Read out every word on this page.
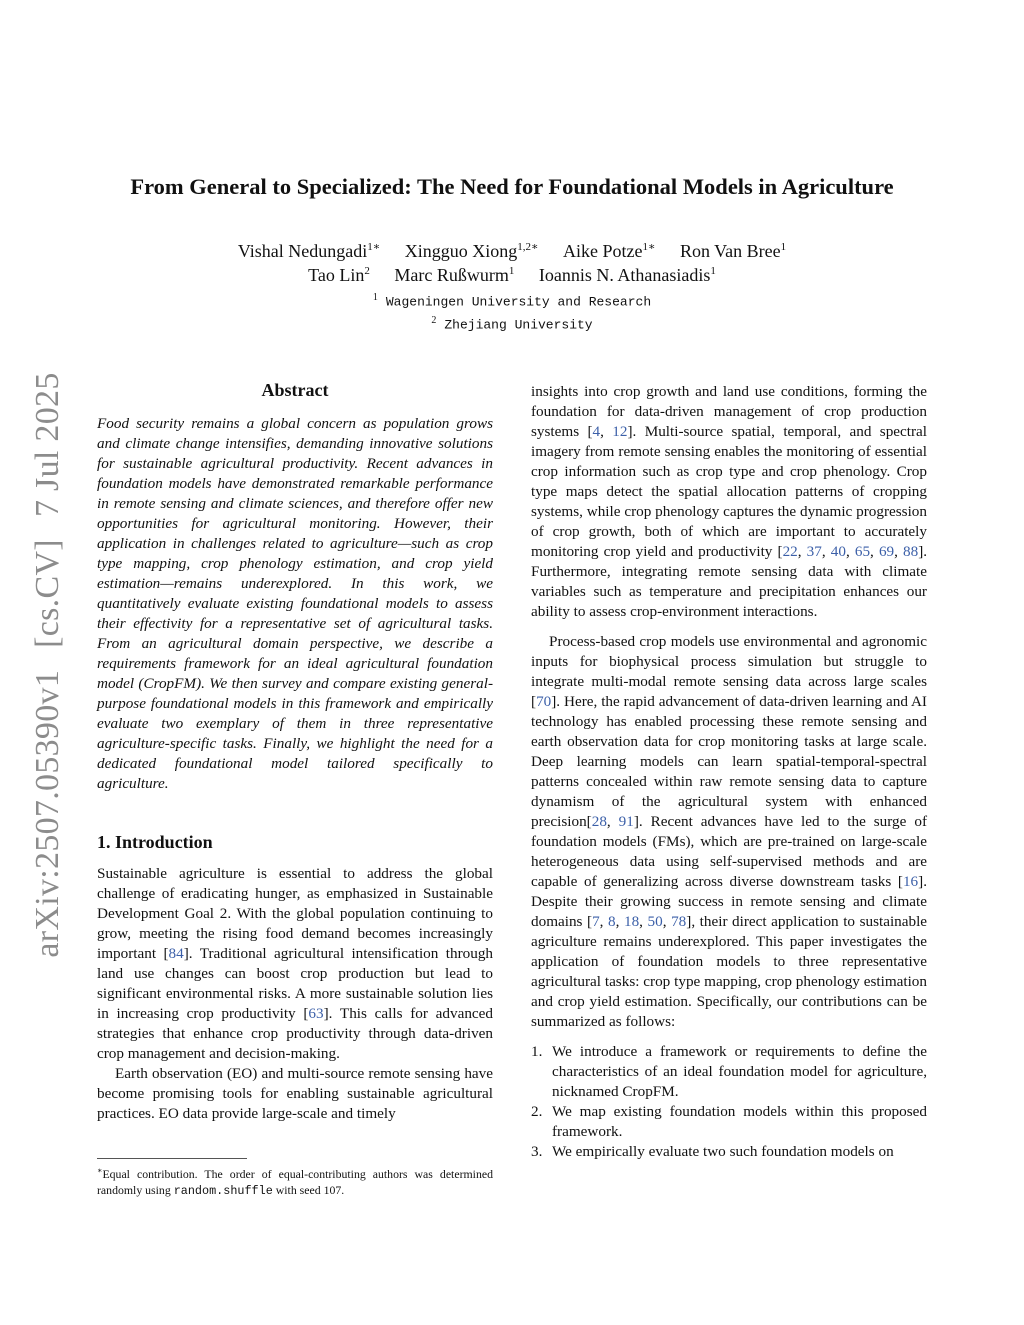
arXiv:2507.05390v1[cs.CV]7 Jul 2025
From General to Specialized: The Need for Foundational Models in Agriculture
Vishal Nedungadi$^{1∗}$ Xingguo Xiong$^{1,2∗}$ Aike Potze$^{1∗}$ Ron Van Bree$^1$
Tao Lin$^2$ Marc Rußwurm$^1$ Ioannis N. Athanasiadis$^1$
$^1$ Wageningen University and Research
$^2$ Zhejiang University
Abstract

Food security remains a global concern as population grows and climate change intensifies, demanding innovative solutions for sustainable agricultural productivity. Recent advances in foundation models have demonstrated remarkable performance in remote sensing and climate sciences, and therefore offer new opportunities for agricultural monitoring. However, their application in challenges related to agriculture—such as crop type mapping, crop phenology estimation, and crop yield estimation—remains underexplored. In this work, we quantitatively evaluate existing foundational models to assess their effectivity for a representative set of agricultural tasks. From an agricultural domain perspective, we describe a requirements framework for an ideal agricultural foundation model (CropFM). We then survey and compare existing general-purpose foundational models in this framework and empirically evaluate two exemplary of them in three representative agriculture-specific tasks. Finally, we highlight the need for a dedicated foundational model tailored specifically to agriculture.

1. Introduction

Sustainable agriculture is essential to address the global challenge of eradicating hunger, as emphasized in Sustainable Development Goal 2. With the global population continuing to grow, meeting the rising food demand becomes increasingly important [84]. Traditional agricultural intensification through land use changes can boost crop production but lead to significant environmental risks. A more sustainable solution lies in increasing crop productivity [63]. This calls for advanced strategies that enhance crop productivity through data-driven crop management and decision-making.

Earth observation (EO) and multi-source remote sensing have become promising tools for enabling sustainable agricultural practices. EO data provide large-scale and timely

∗Equal contribution. The order of equal-contributing authors was determined randomly using random.shuffle with seed 107.

insights into crop growth and land use conditions, forming the foundation for data-driven management of crop production systems [4, 12]. Multi-source spatial, temporal, and spectral imagery from remote sensing enables the monitoring of essential crop information such as crop type and crop phenology. Crop type maps detect the spatial allocation patterns of cropping systems, while crop phenology captures the dynamic progression of crop growth, both of which are important to accurately monitoring crop yield and productivity [22, 37, 40, 65, 69, 88]. Furthermore, integrating remote sensing data with climate variables such as temperature and precipitation enhances our ability to assess crop-environment interactions.

Process-based crop models use environmental and agronomic inputs for biophysical process simulation but struggle to integrate multi-modal remote sensing data across large scales [70]. Here, the rapid advancement of data-driven learning and AI technology has enabled processing these remote sensing and earth observation data for crop monitoring tasks at large scale. Deep learning models can learn spatial-temporal-spectral patterns concealed within raw remote sensing data to capture dynamism of the agricultural system with enhanced precision[28, 91]. Recent advances have led to the surge of foundation models (FMs), which are pre-trained on large-scale heterogeneous data using self-supervised methods and are capable of generalizing across diverse downstream tasks [16]. Despite their growing success in remote sensing and climate domains [7, 8, 18, 50, 78], their direct application to sustainable agriculture remains underexplored. This paper investigates the application of foundation models to three representative agricultural tasks: crop type mapping, crop phenology estimation and crop yield estimation. Specifically, our contributions can be summarized as follows:

1. We introduce a framework or requirements to define the characteristics of an ideal foundation model for agriculture, nicknamed CropFM.
2. We map existing foundation models within this proposed framework.
3. We empirically evaluate two such foundation models on
